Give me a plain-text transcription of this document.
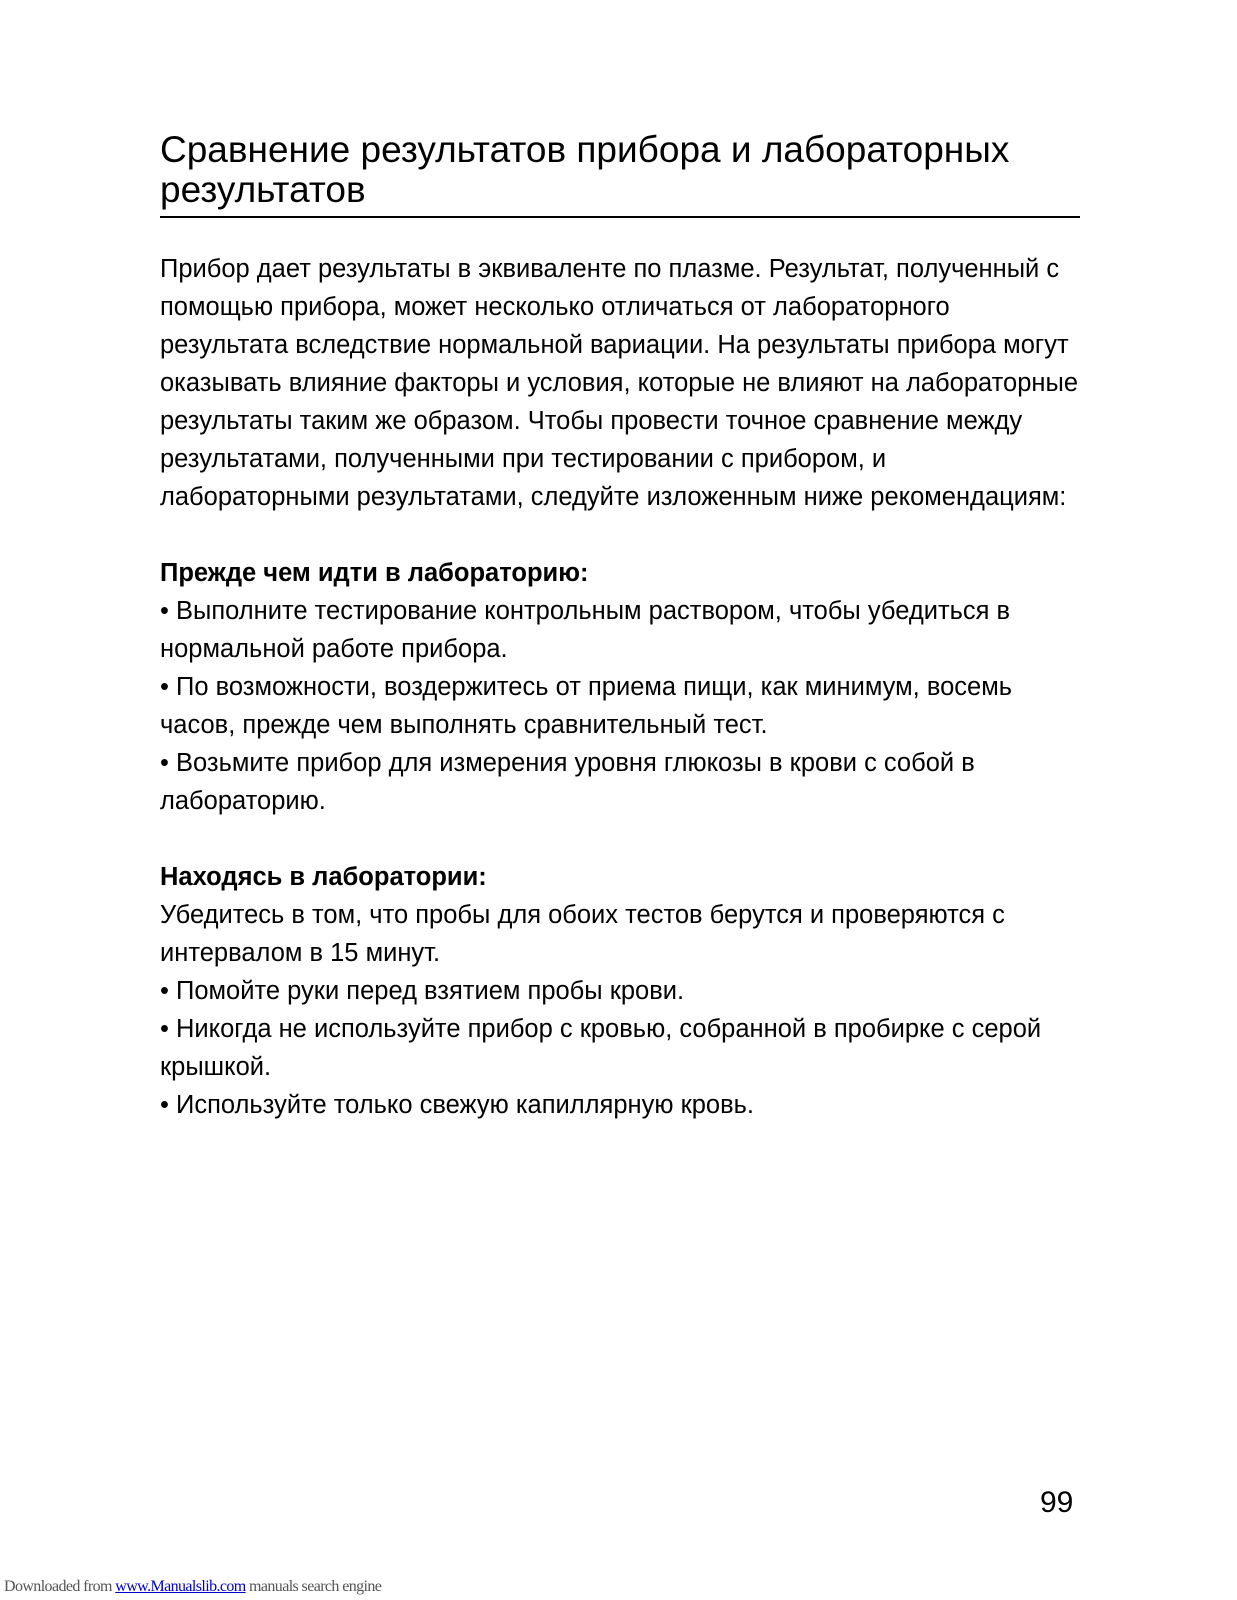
Сравнение результатов прибора и лабораторных результатов

Прибор дает результаты в эквиваленте по плазме. Результат, полученный с помощью прибора, может несколько отличаться от лабораторного результата вследствие нормальной вариации. На результаты прибора могут оказывать влияние факторы и условия, которые не влияют на лабораторные результаты таким же образом. Чтобы провести точное сравнение между результатами, полученными при тестировании с прибором, и лабораторными результатами, следуйте изложенным ниже рекомендациям:

Прежде чем идти в лабораторию:

• Выполните тестирование контрольным раствором, чтобы убедиться в нормальной работе прибора.

• По возможности, воздержитесь от приема пищи, как минимум, восемь часов, прежде чем выполнять сравнительный тест.

• Возьмите прибор для измерения уровня глюкозы в крови с собой в лабораторию.

Находясь в лаборатории:

Убедитесь в том, что пробы для обоих тестов берутся и проверяются с интервалом в 15 минут.

• Помойте руки перед взятием пробы крови.

• Никогда не используйте прибор с кровью, собранной в пробирке с серой крышкой.

• Используйте только свежую капиллярную кровь.

99
Downloaded from www.Manualslib.com manuals search engine
